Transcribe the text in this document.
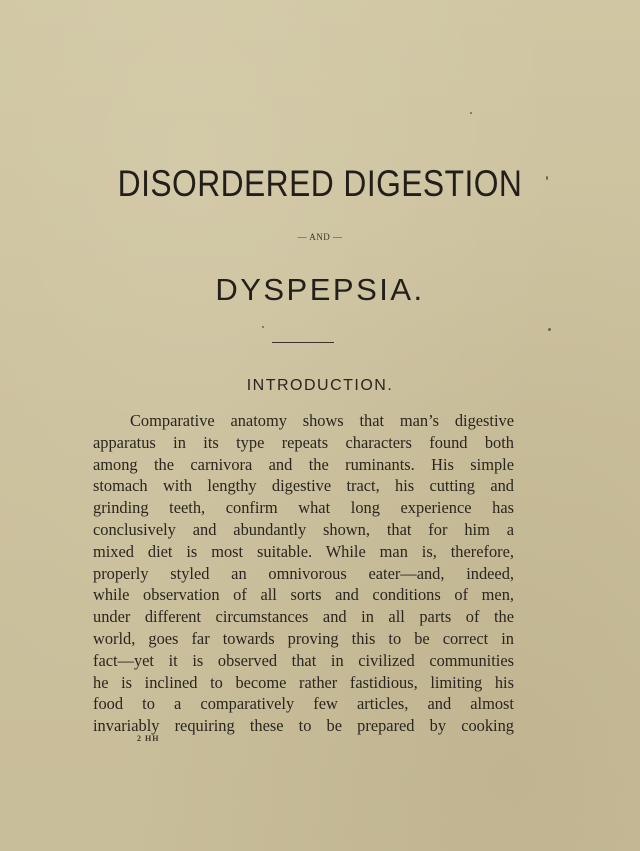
DISORDERED DIGESTION
— AND —
DYSPEPSIA.
INTRODUCTION.
Comparative anatomy shows that man’s digestive
apparatus in its type repeats characters found both
among the carnivora and the ruminants. His simple
stomach with lengthy digestive tract, his cutting and
grinding teeth, confirm what long experience has
conclusively and abundantly shown, that for him a
mixed diet is most suitable. While man is, therefore,
properly styled an omnivorous eater—and, indeed,
while observation of all sorts and conditions of men,
under different circumstances and in all parts of the
world, goes far towards proving this to be correct in
fact—yet it is observed that in civilized communities
he is inclined to become rather fastidious, limiting his
food to a comparatively few articles, and almost
invariably requiring these to be prepared by cooking
2 HH
